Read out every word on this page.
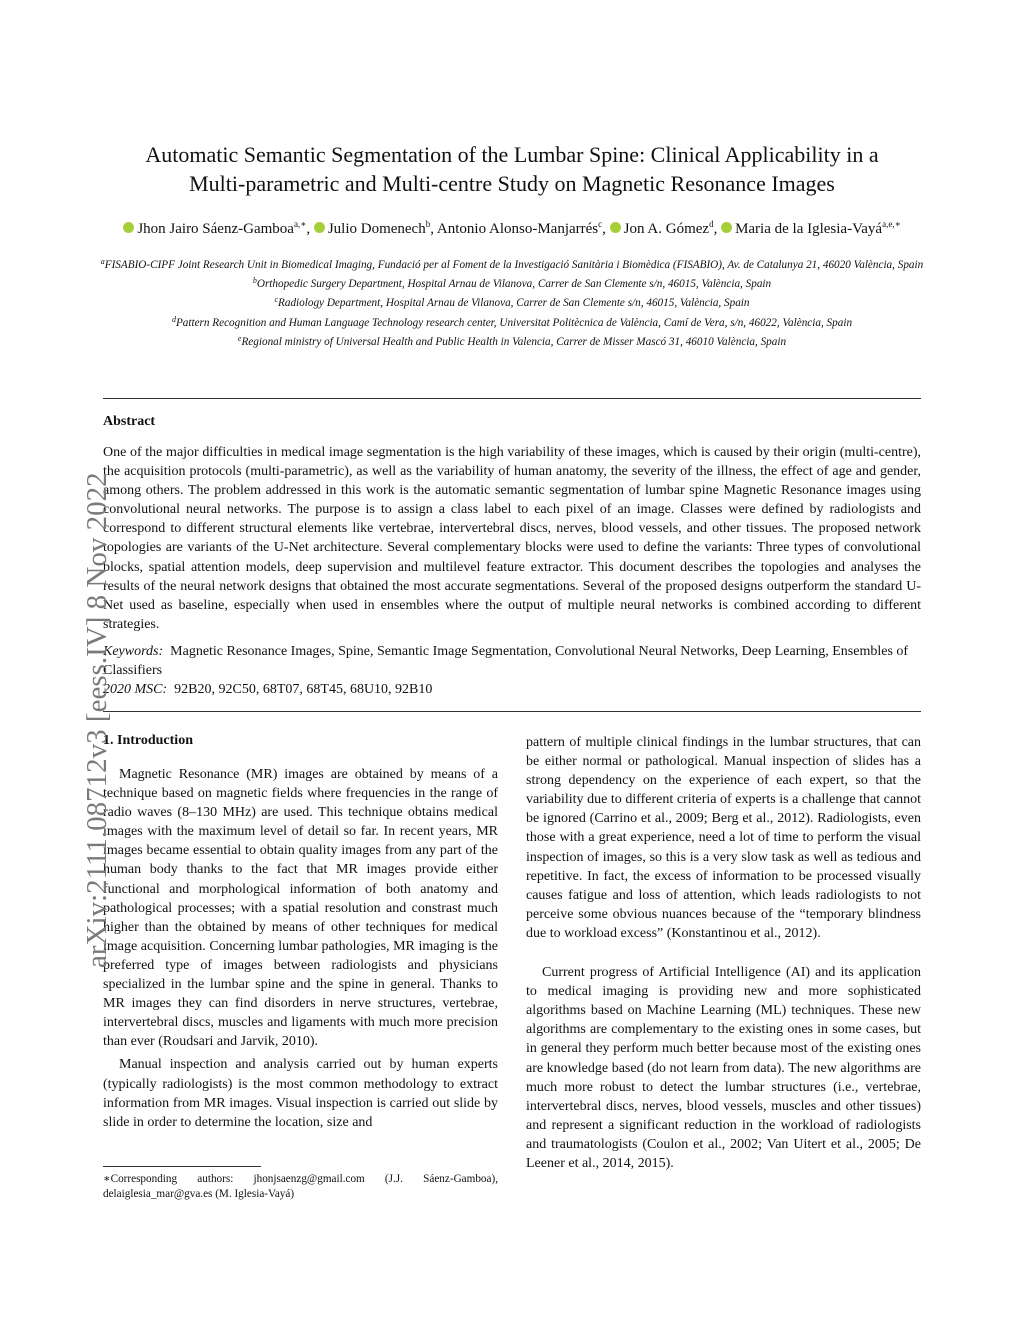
Automatic Semantic Segmentation of the Lumbar Spine: Clinical Applicability in a
Multi-parametric and Multi-centre Study on Magnetic Resonance Images
Jhon Jairo Sáenz-Gamboa$^{a,∗}$, Julio Domenech$^b$, Antonio Alonso-Manjarrés$^c$, Jon A. Gómez$^d$, Maria de la Iglesia-Vayá$^{a,e,∗}$
$^a$FISABIO-CIPF Joint Research Unit in Biomedical Imaging, Fundació per al Foment de la Investigació Sanitària i Biomèdica (FISABIO), Av. de Catalunya 21, 46020 València, Spain
$^b$Orthopedic Surgery Department, Hospital Arnau de Vilanova, Carrer de San Clemente s/n, 46015, València, Spain
$^c$Radiology Department, Hospital Arnau de Vilanova, Carrer de San Clemente s/n, 46015, València, Spain
$^d$Pattern Recognition and Human Language Technology research center, Universitat Politècnica de València, Camí de Vera, s/n, 46022, València, Spain
$^e$Regional ministry of Universal Health and Public Health in Valencia, Carrer de Misser Mascó 31, 46010 València, Spain
Abstract
One of the major difficulties in medical image segmentation is the high variability of these images, which is caused by their origin (multi-centre), the acquisition protocols (multi-parametric), as well as the variability of human anatomy, the severity of the illness, the effect of age and gender, among others. The problem addressed in this work is the automatic semantic segmentation of lumbar spine Magnetic Resonance images using convolutional neural networks. The purpose is to assign a class label to each pixel of an image. Classes were defined by radiologists and correspond to different structural elements like vertebrae, intervertebral discs, nerves, blood vessels, and other tissues. The proposed network topologies are variants of the U-Net architecture. Several complementary blocks were used to define the variants: Three types of convolutional blocks, spatial attention models, deep supervision and multilevel feature extractor. This document describes the topologies and analyses the results of the neural network designs that obtained the most accurate segmentations. Several of the proposed designs outperform the standard U-Net used as baseline, especially when used in ensembles where the output of multiple neural networks is combined according to different strategies.
Keywords: Magnetic Resonance Images, Spine, Semantic Image Segmentation, Convolutional Neural Networks, Deep Learning, Ensembles of Classifiers
2020 MSC: 92B20, 92C50, 68T07, 68T45, 68U10, 92B10
1. Introduction

Magnetic Resonance (MR) images are obtained by means of a technique based on magnetic fields where frequencies in the range of radio waves (8–130 MHz) are used. This technique obtains medical images with the maximum level of detail so far. In recent years, MR images became essential to obtain quality images from any part of the human body thanks to the fact that MR images provide either functional and morphological information of both anatomy and pathological processes; with a spatial resolution and constrast much higher than the obtained by means of other techniques for medical image acquisition. Concerning lumbar pathologies, MR imaging is the preferred type of images between radiologists and physicians specialized in the lumbar spine and the spine in general. Thanks to MR images they can find disorders in nerve structures, vertebrae, intervertebral discs, muscles and ligaments with much more precision than ever (Roudsari and Jarvik, 2010).

Manual inspection and analysis carried out by human experts (typically radiologists) is the most common methodology to extract information from MR images. Visual inspection is carried out slide by slide in order to determine the location, size and

pattern of multiple clinical findings in the lumbar structures, that can be either normal or pathological. Manual inspection of slides has a strong dependency on the experience of each expert, so that the variability due to different criteria of experts is a challenge that cannot be ignored (Carrino et al., 2009; Berg et al., 2012). Radiologists, even those with a great experience, need a lot of time to perform the visual inspection of images, so this is a very slow task as well as tedious and repetitive. In fact, the excess of information to be processed visually causes fatigue and loss of attention, which leads radiologists to not perceive some obvious nuances because of the “temporary blindness due to workload excess” (Konstantinou et al., 2012).

Current progress of Artificial Intelligence (AI) and its application to medical imaging is providing new and more sophisticated algorithms based on Machine Learning (ML) techniques. These new algorithms are complementary to the existing ones in some cases, but in general they perform much better because most of the existing ones are knowledge based (do not learn from data). The new algorithms are much more robust to detect the lumbar structures (i.e., vertebrae, intervertebral discs, nerves, blood vessels, muscles and other tissues) and represent a significant reduction in the workload of radiologists and traumatologists (Coulon et al., 2002; Van Uitert et al., 2005; De Leener et al., 2014, 2015).

∗Corresponding authors: jhonjsaenzg@gmail.com (J.J. Sáenz-Gamboa), delaiglesia_mar@gva.es (M. Iglesia-Vayá)
arXiv:2111.08712v3 [eess.IV] 8 Nov 2022
